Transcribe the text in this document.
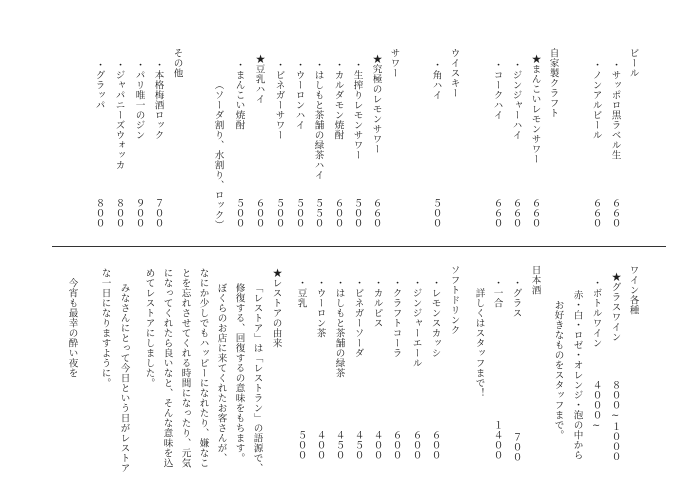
ビール
・サッポロ黒ラベル生
６６０
・ノンアルビール
６６０
自家製クラフト
★まんこいレモンサワー
６６０
・ジンジャーハイ
６６０
・コークハイ
６６０
ウイスキー
・角ハイ
５００
サワー
★究極のレモンサワー
６６０
・生搾りレモンサワー
５００
・カルダモン焼酎
６００
・はしもと茶舗の緑茶ハイ
５５０
・ウーロンハイ
５００
・ビネガーサワー
５００
★豆乳ハイ
６００
・まんこい焼酎
５００
（ソーダ割り、水割り、ロック）
その他
・本格梅酒ロック
７００
・パリ唯一のジン
９００
・ジャパニーズウォッカ
８００
・グラッパ
８００
ワイン各種
★グラスワイン
８００~１０００
・ボトルワイン
４０００~
赤・白・ロゼ・オレンジ・泡の中から
お好きなものをスタッフまで。
日本酒
・グラス
７００
・一合
１４００
詳しくはスタッフまで！
ソフトドリンク
・レモンスカッシ
６００
・ジンジャーエール
６００
・クラフトコーラ
６００
・カルピス
４００
・ビネガーソーダ
４５０
・はしもと茶舗の緑茶
４５０
・ウーロン茶
４００
・豆乳
５００
★レストアの由来
「レストア」は「レストラン」の語源で、
修復する、回復するの意味をもちます。
ぼくらのお店に来てくれたお客さんが、
なにか少しでもハッピーになれたり、嫌なこ
とを忘れさせてくれる時間になったり、元気
になってくれたら良いなと、そんな意味を込
めてレストアにしました。
みなさんにとって今日という日がレストア
な一日になりますように。
今宵も最幸の酔い夜を
